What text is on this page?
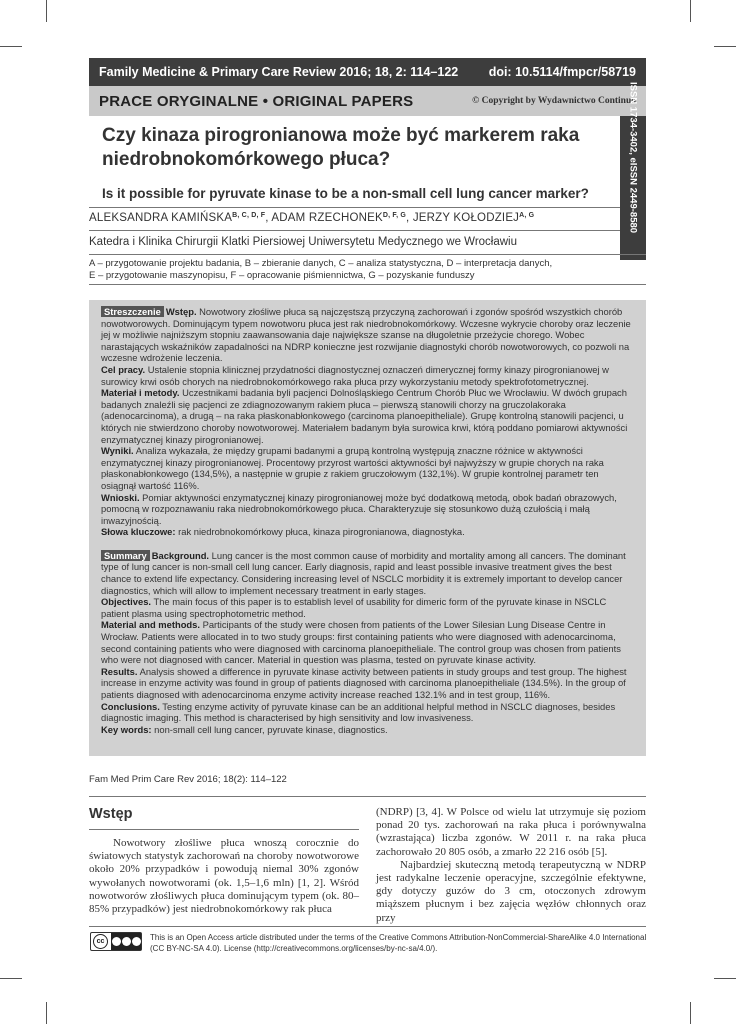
Family Medicine & Primary Care Review 2016; 18, 2: 114–122 doi: 10.5114/fmpcr/58719
PRACE ORYGINALNE • ORIGINAL PAPERS	© Copyright by Wydawnictwo Continuo
ISSN 1734-3402, eISSN 2449-8580
Czy kinaza pirogronianowa może być markerem raka
niedrobnokomórkowego płuca?
Is it possible for pyruvate kinase to be a non-small cell lung cancer marker?
ALEKSANDRA $KAMIŃSKA^{B, C, D, F}$, ADAM $RZECHONEK^{D, F, G}$, JERZY $KOŁODZIEJ^{A, G}$
Katedra i Klinika Chirurgii Klatki Piersiowej Uniwersytetu Medycznego we Wrocławiu
A – przygotowanie projektu badania, B – zbieranie danych, C – analiza statystyczna, D – interpretacja danych,
E – przygotowanie maszynopisu, F – opracowanie piśmiennictwa, G – pozyskanie funduszy

Streszczenie Wstęp. Nowotwory złośliwe płuca są najczęstszą przyczyną zachorowań i zgonów spośród wszystkich chorób nowotworowych. Dominującym typem nowotworu płuca jest rak niedrobnokomórkowy. Wczesne wykrycie choroby oraz leczenie jej w możliwie najniższym stopniu zaawansowania daje największe szanse na długoletnie przeżycie chorego. Wobec narastających wskaźników zapadalności na NDRP konieczne jest rozwijanie diagnostyki chorób nowotworowych, co pozwoli na wczesne wdrożenie leczenia.

Cel pracy. Ustalenie stopnia klinicznej przydatności diagnostycznej oznaczeń dimerycznej formy kinazy pirogronianowej w surowicy krwi osób chorych na niedrobnokomórkowego raka płuca przy wykorzystaniu metody spektrofotometrycznej.

Materiał i metody. Uczestnikami badania byli pacjenci Dolnośląskiego Centrum Chorób Płuc we Wrocławiu. W dwóch grupach badanych znaleźli się pacjenci ze zdiagnozowanym rakiem płuca – pierwszą stanowili chorzy na gruczolakoraka (adenocarcinoma), a drugą – na raka płaskonabłonkowego (carcinoma planoepitheliale). Grupę kontrolną stanowili pacjenci, u których nie stwierdzono choroby nowotworowej. Materiałem badanym była surowica krwi, którą poddano pomiarowi aktywności enzymatycznej kinazy pirogronianowej.

Wyniki. Analiza wykazała, że między grupami badanymi a grupą kontrolną występują znaczne różnice w aktywności enzymatycznej kinazy pirogronianowej. Procentowy przyrost wartości aktywności był najwyższy w grupie chorych na raka płaskonabłonkowego (134,5%), a następnie w grupie z rakiem gruczołowym (132,1%). W grupie kontrolnej parametr ten osiągnął wartość 116%.

Wnioski. Pomiar aktywności enzymatycznej kinazy pirogronianowej może być dodatkową metodą, obok badań obrazowych, pomocną w rozpoznawaniu raka niedrobnokomórkowego płuca. Charakteryzuje się stosunkowo dużą czułością i małą inwazyjnością.

Słowa kluczowe: rak niedrobnokomórkowy płuca, kinaza pirogronianowa, diagnostyka.

Summary Background. Lung cancer is the most common cause of morbidity and mortality among all cancers. The dominant type of lung cancer is non-small cell lung cancer. Early diagnosis, rapid and least possible invasive treatment gives the best chance to extend life expectancy. Considering increasing level of NSCLC morbidity it is extremely important to develop cancer diagnostics, which will allow to implement necessary treatment in early stages.

Objectives. The main focus of this paper is to establish level of usability for dimeric form of the pyruvate kinase in NSCLC patient plasma using spectrophotometric method.

Material and methods. Participants of the study were chosen from patients of the Lower Silesian Lung Disease Centre in Wrocław. Patients were allocated in to two study groups: first containing patients who were diagnosed with adenocarcinoma, second containing patients who were diagnosed with carcinoma planoepitheliale. The control group was chosen from patients who were not diagnosed with cancer. Material in question was plasma, tested on pyruvate kinase activity.

Results. Analysis showed a difference in pyruvate kinase activity between patients in study groups and test group. The highest increase in enzyme activity was found in group of patients diagnosed with carcinoma planoepitheliale (134.5%). In the group of patients diagnosed with adenocarcinoma enzyme activity increase reached 132.1% and in test group, 116%.

Conclusions. Testing enzyme activity of pyruvate kinase can be an additional helpful method in NSCLC diagnoses, besides diagnostic imaging. This method is characterised by high sensitivity and low invasiveness.

Key words: non-small cell lung cancer, pyruvate kinase, diagnostics.

Fam Med Prim Care Rev 2016; 18(2): 114–122
Wstęp

Nowotwory złośliwe płuca wnoszą corocznie do światowych statystyk zachorowań na choroby nowotworowe około 20% przypadków i powodują niemal 30% zgonów wywołanych nowotworami (ok. 1,5–1,6 mln) [1, 2]. Wśród nowotworów złośliwych płuca dominującym typem (ok. 80–85% przypadków) jest niedrobnokomórkowy rak płuca

(NDRP) [3, 4]. W Polsce od wielu lat utrzymuje się poziom ponad 20 tys. zachorowań na raka płuca i porównywalna (wzrastająca) liczba zgonów. W 2011 r. na raka płuca zachorowało 20 805 osób, a zmarło 22 216 osób [5].

Najbardziej skuteczną metodą terapeutyczną w NDRP jest radykalne leczenie operacyjne, szczególnie efektywne, gdy dotyczy guzów do 3 cm, otoczonych zdrowym miąższem płucnym i bez zajęcia węzłów chłonnych oraz przy

cc	This is an Open Access article distributed under the terms of the Creative Commons Attribution-NonCommercial-ShareAlike 4.0 International (CC BY-NC-SA 4.0). License (http://creativecommons.org/licenses/by-nc-sa/4.0/).
